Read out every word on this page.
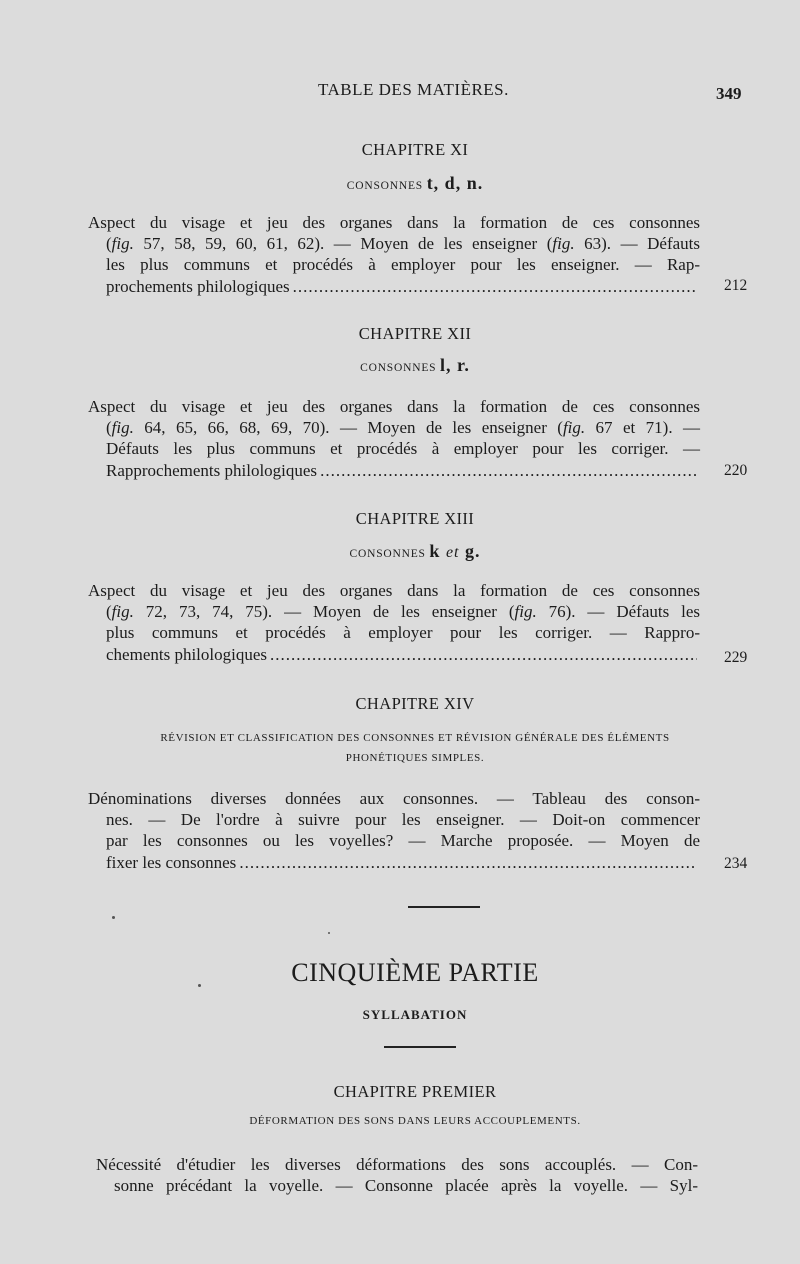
TABLE DES MATIÈRES.	349
CHAPITRE XI
CONSONNES t, d, n.
Aspect du visage et jeu des organes dans la formation de ces consonnes
(fig. 57, 58, 59, 60, 61, 62). — Moyen de les enseigner (fig. 63). — Défauts
les plus communs et procédés à employer pour les enseigner. — Rap-
prochements philologiques .....	212
CHAPITRE XII
CONSONNES l, r.
Aspect du visage et jeu des organes dans la formation de ces consonnes
(fig. 64, 65, 66, 68, 69, 70). — Moyen de les enseigner (fig. 67 et 71). —
Défauts les plus communs et procédés à employer pour les corriger. —
Rapprochements philologiques .....	220
CHAPITRE XIII
CONSONNES k et g.
Aspect du visage et jeu des organes dans la formation de ces consonnes
(fig. 72, 73, 74, 75). — Moyen de les enseigner (fig. 76). — Défauts les
plus communs et procédés à employer pour les corriger. — Rappro-
chements philologiques .....	229
CHAPITRE XIV
RÉVISION ET CLASSIFICATION DES CONSONNES ET RÉVISION GÉNÉRALE DES ÉLÉMENTS
PHONÉTIQUES SIMPLES.
Dénominations diverses données aux consonnes. — Tableau des conson-
nes. — De l'ordre à suivre pour les enseigner. — Doit-on commencer
par les consonnes ou les voyelles? — Marche proposée. — Moyen de
fixer les consonnes .....	234
CINQUIÈME PARTIE
SYLLABATION
CHAPITRE PREMIER
DÉFORMATION DES SONS DANS LEURS ACCOUPLEMENTS.
Nécessité d'étudier les diverses déformations des sons accouplés. — Con-
sonne précédant la voyelle. — Consonne placée après la voyelle. — Syl-
